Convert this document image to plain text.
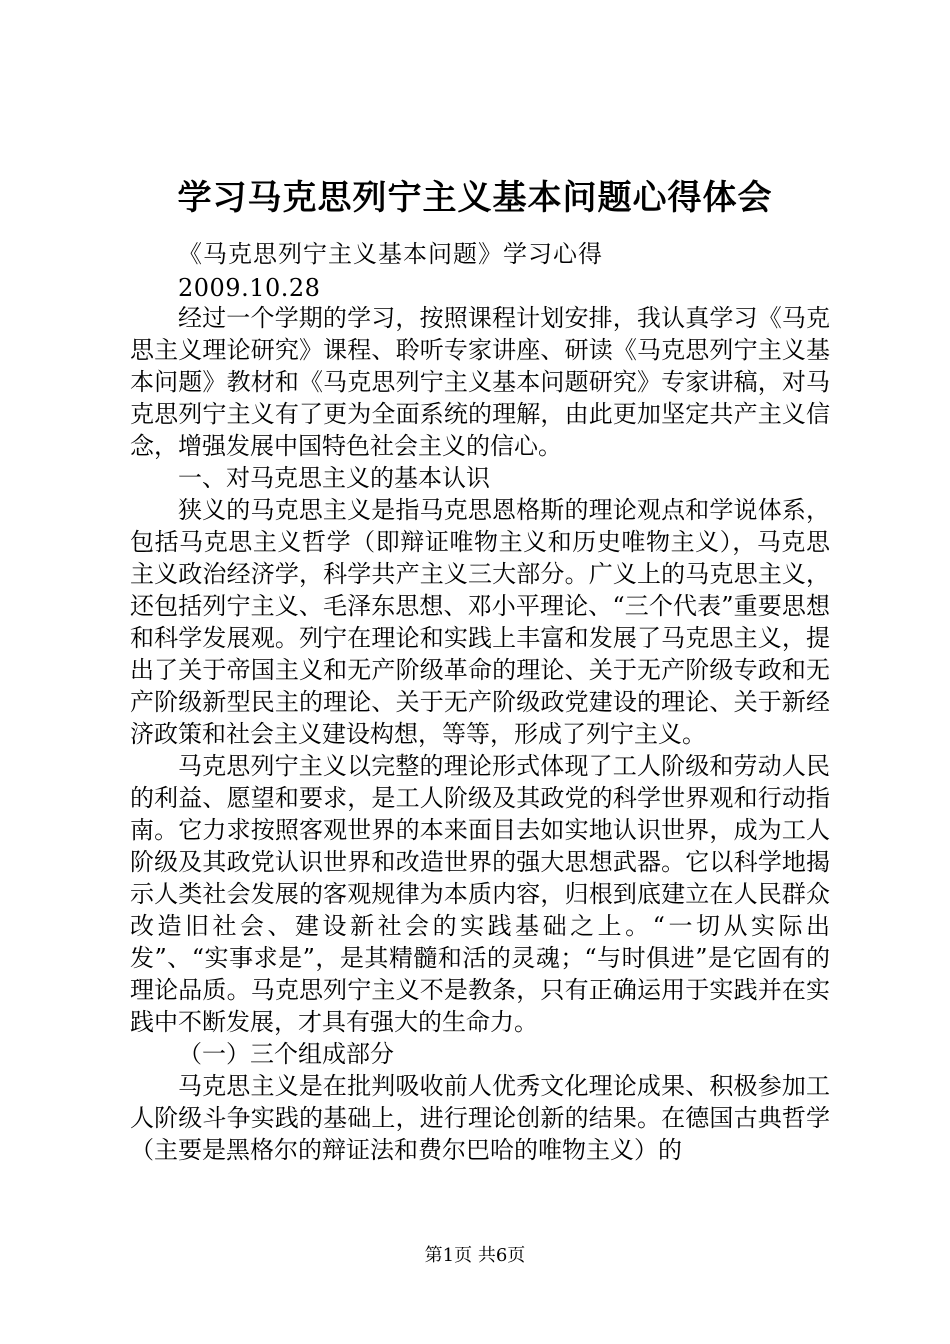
学习马克思列宁主义基本问题心得体会
《马克思列宁主义基本问题》学习心得
2009.10.28

经过一个学期的学习，按照课程计划安排，我认真学习《马克思主义理论研究》课程、聆听专家讲座、研读《马克思列宁主义基本问题》教材和《马克思列宁主义基本问题研究》专家讲稿，对马克思列宁主义有了更为全面系统的理解，由此更加坚定共产主义信念，增强发展中国特色社会主义的信心。

一、对马克思主义的基本认识

狭义的马克思主义是指马克思恩格斯的理论观点和学说体系，包括马克思主义哲学（即辩证唯物主义和历史唯物主义），马克思主义政治经济学，科学共产主义三大部分。广义上的马克思主义，还包括列宁主义、毛泽东思想、邓小平理论、“三个代表”重要思想和科学发展观。列宁在理论和实践上丰富和发展了马克思主义，提出了关于帝国主义和无产阶级革命的理论、关于无产阶级专政和无产阶级新型民主的理论、关于无产阶级政党建设的理论、关于新经济政策和社会主义建设构想，等等，形成了列宁主义。

马克思列宁主义以完整的理论形式体现了工人阶级和劳动人民的利益、愿望和要求，是工人阶级及其政党的科学世界观和行动指南。它力求按照客观世界的本来面目去如实地认识世界，成为工人阶级及其政党认识世界和改造世界的强大思想武器。它以科学地揭示人类社会发展的客观规律为本质内容，归根到底建立在人民群众改造旧社会、建设新社会的实践基础之上。“一切从实际出发”、“实事求是”，是其精髓和活的灵魂；“与时俱进”是它固有的理论品质。马克思列宁主义不是教条，只有正确运用于实践并在实践中不断发展，才具有强大的生命力。

（一）三个组成部分

马克思主义是在批判吸收前人优秀文化理论成果、积极参加工人阶级斗争实践的基础上，进行理论创新的结果。在德国古典哲学（主要是黑格尔的辩证法和费尔巴哈的唯物主义）的

第1页 共6页
